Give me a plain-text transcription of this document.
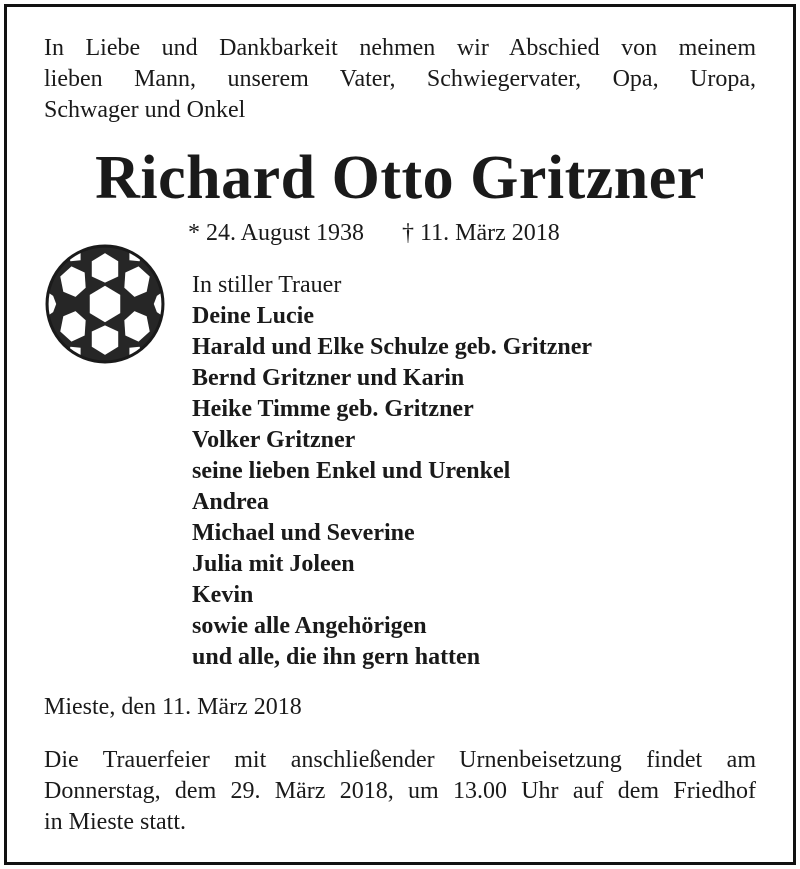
In Liebe und Dankbarkeit nehmen wir Abschied von meinem
lieben Mann, unserem Vater, Schwiegervater, Opa, Uropa,
Schwager und Onkel
Richard Otto Gritzner
* 24. August 1938 † 11. März 2018
In stiller Trauer
Deine Lucie
Harald und Elke Schulze geb. Gritzner
Bernd Gritzner und Karin
Heike Timme geb. Gritzner
Volker Gritzner
seine lieben Enkel und Urenkel
Andrea
Michael und Severine
Julia mit Joleen
Kevin
sowie alle Angehörigen
und alle, die ihn gern hatten
Mieste, den 11. März 2018
Die Trauerfeier mit anschließender Urnenbeisetzung findet am
Donnerstag, dem 29. März 2018, um 13.00 Uhr auf dem Friedhof
in Mieste statt.
